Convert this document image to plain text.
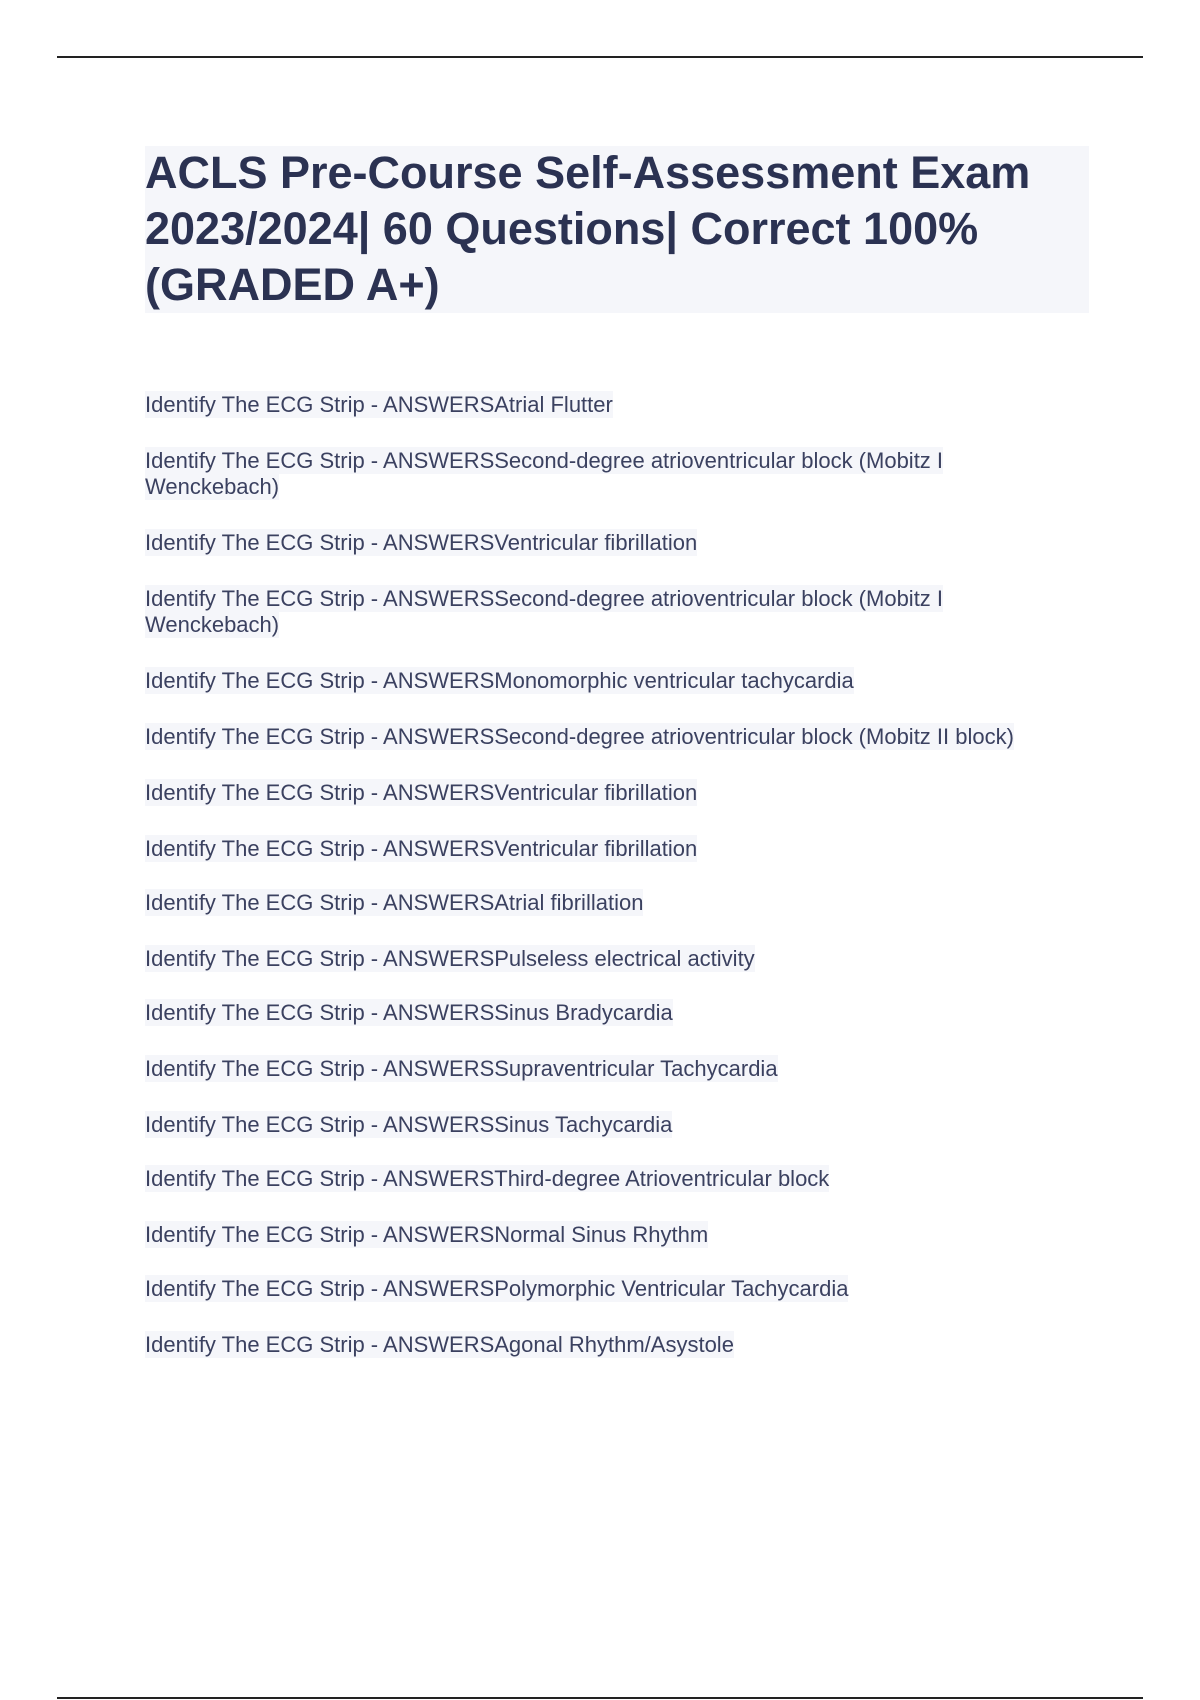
ACLS Pre-Course Self-Assessment Exam 2023/2024| 60 Questions| Correct 100%(GRADED A+)
Identify The ECG Strip - ANSWERSAtrial Flutter
Identify The ECG Strip - ANSWERSSecond-degree atrioventricular block (Mobitz I Wenckebach)
Identify The ECG Strip - ANSWERSVentricular fibrillation
Identify The ECG Strip - ANSWERSSecond-degree atrioventricular block (Mobitz I Wenckebach)
Identify The ECG Strip - ANSWERSMonomorphic ventricular tachycardia
Identify The ECG Strip - ANSWERSSecond-degree atrioventricular block (Mobitz II block)
Identify The ECG Strip - ANSWERSVentricular fibrillation
Identify The ECG Strip - ANSWERSVentricular fibrillation
Identify The ECG Strip - ANSWERSAtrial fibrillation
Identify The ECG Strip - ANSWERSPulseless electrical activity
Identify The ECG Strip - ANSWERSSinus Bradycardia
Identify The ECG Strip - ANSWERSSupraventricular Tachycardia
Identify The ECG Strip - ANSWERSSinus Tachycardia
Identify The ECG Strip - ANSWERSThird-degree Atrioventricular block
Identify The ECG Strip - ANSWERSNormal Sinus Rhythm
Identify The ECG Strip - ANSWERSPolymorphic Ventricular Tachycardia
Identify The ECG Strip - ANSWERSAgonal Rhythm/Asystole
